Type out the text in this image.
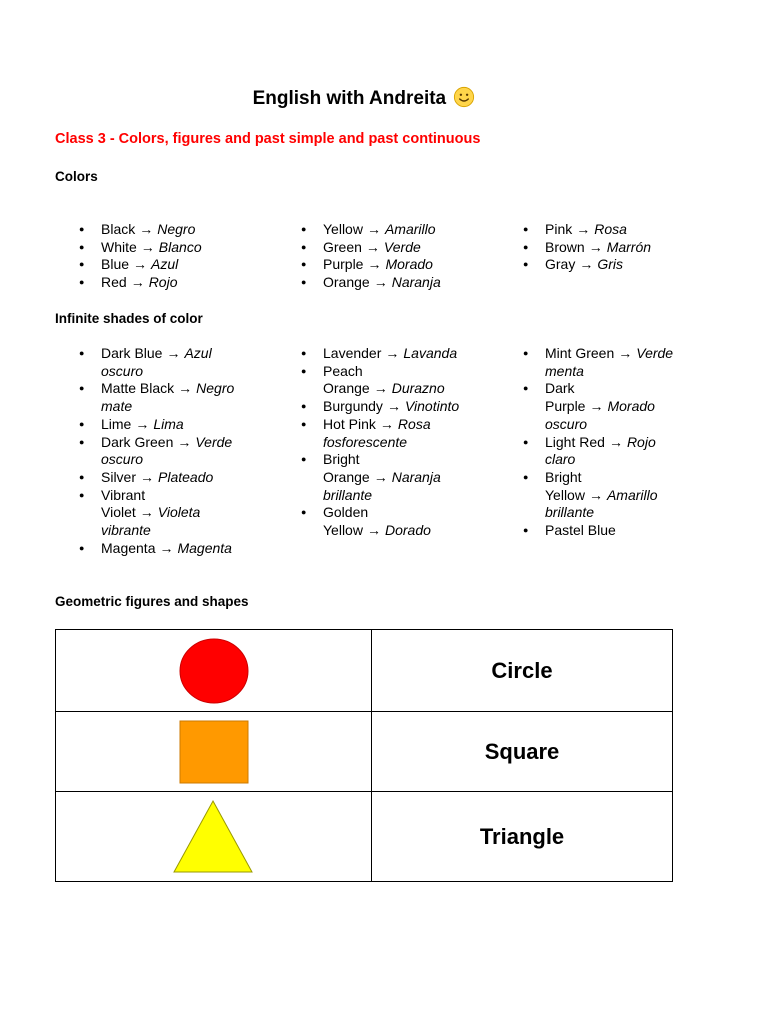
English with Andreita
Class 3 - Colors, figures and past simple and past continuous
Colors
● Black → Negro
● White → Blanco
● Blue → Azul
● Red → Rojo
● Yellow → Amarillo
● Green → Verde
● Purple → Morado
● Orange → Naranja
● Pink → Rosa
● Brown → Marrón
● Gray → Gris
Infinite shades of color
● Dark Blue → Azul oscuro
● Matte Black → Negro mate
● Lime → Lima
● Dark Green → Verde oscuro
● Silver → Plateado
● Vibrant Violet → Violeta vibrante
● Magenta → Magenta
● Lavender → Lavanda
● Peach Orange → Durazno
● Burgundy → Vinotinto
● Hot Pink → Rosa fosforescente
● Bright Orange → Naranja brillante
● Golden Yellow → Dorado
● Mint Green → Verde menta
● Dark Purple → Morado oscuro
● Light Red → Rojo claro
● Bright Yellow → Amarillo brillante
● Pastel Blue
Geometric figures and shapes
	Circle

	Square

	Triangle
